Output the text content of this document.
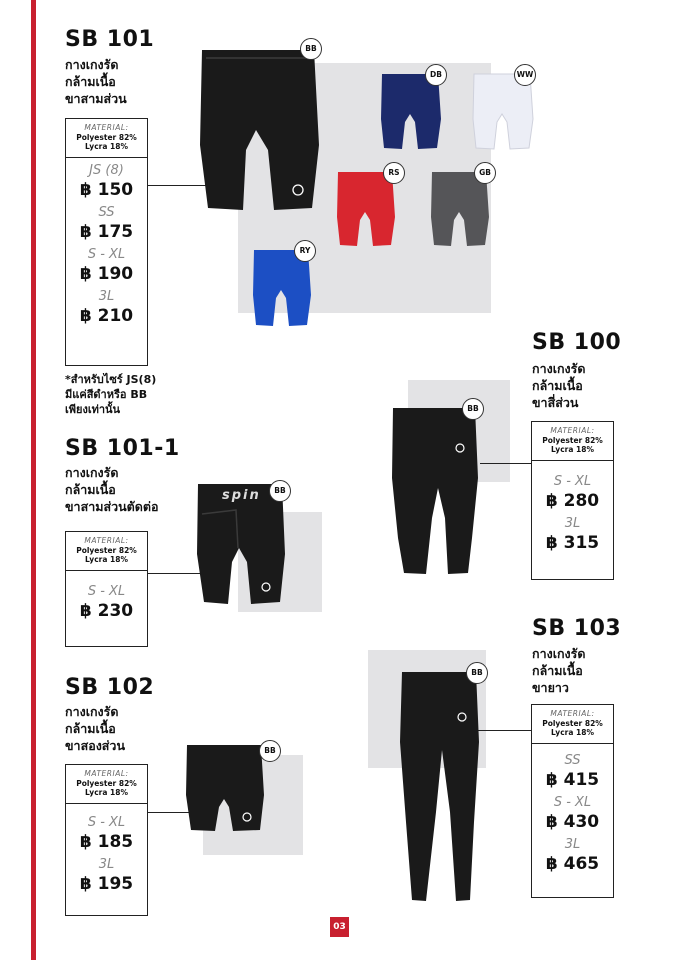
SB 101
กางเกงรัด
กล้ามเนื้อ
ขาสามส่วน
MATERIAL:
Polyester 82%
Lycra 18%
JS (8)
฿ 150
SS
฿ 175
S - XL
฿ 190
3L
฿ 210
*สำหรับไซร์ JS(8)
มีแค่สีดำหรือ BB
เพียงเท่านั้น
BB
DB	WW
RS	GB
RY
SB 101-1
กางเกงรัด
กล้ามเนื้อ
ขาสามส่วนตัดต่อ
MATERIAL:
Polyester 82%
Lycra 18%
S - XL
฿ 230
spin	BB
SB 102
กางเกงรัด
กล้ามเนื้อ
ขาสองส่วน
MATERIAL:
Polyester 82%
Lycra 18%
S - XL
฿ 185
3L
฿ 195
BB
SB 100
กางเกงรัด
กล้ามเนื้อ
ขาสี่ส่วน
MATERIAL:
Polyester 82%
Lycra 18%
S - XL
฿ 280
3L
฿ 315
BB
SB 103
กางเกงรัด
กล้ามเนื้อ
ขายาว
MATERIAL:
Polyester 82%
Lycra 18%
SS
฿ 415
S - XL
฿ 430
3L
฿ 465
BB
03
